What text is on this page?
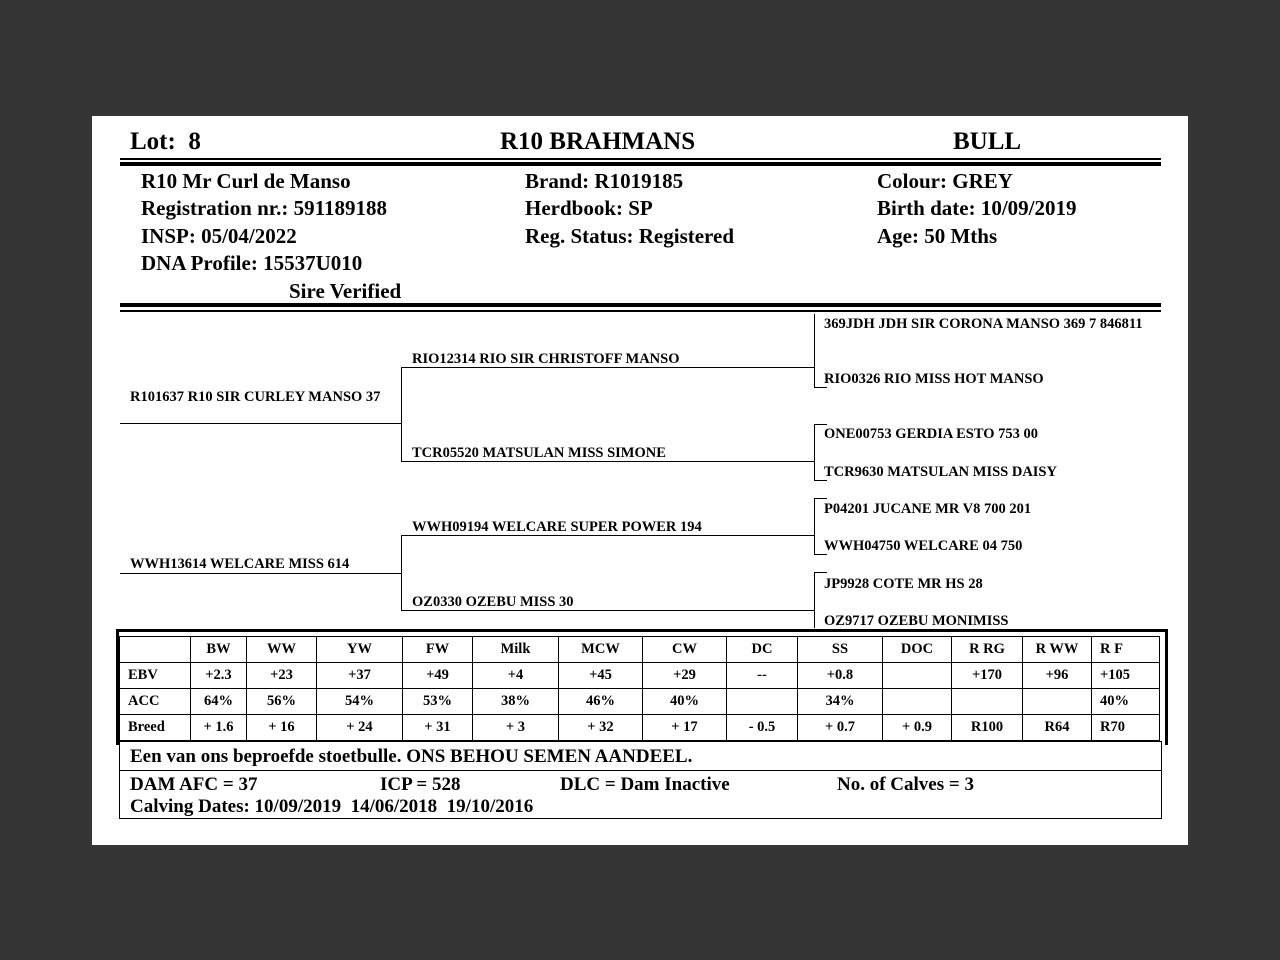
Lot: 8	R10 BRAHMANS	BULL
R10 Mr Curl de Manso
Registration nr.: 591189188
INSP: 05/04/2022
DNA Profile: 15537U010
Sire Verified
Brand: R1019185
Herdbook: SP
Reg. Status: Registered
Colour: GREY
Birth date: 10/09/2019
Age: 50 Mths
R101637 R10 SIR CURLEY MANSO 37
WWH13614 WELCARE MISS 614
RIO12314 RIO SIR CHRISTOFF MANSO
TCR05520 MATSULAN MISS SIMONE
WWH09194 WELCARE SUPER POWER 194
OZ0330 OZEBU MISS 30
369JDH JDH SIR CORONA MANSO 369 7 846811
RIO0326 RIO MISS HOT MANSO
ONE00753 GERDIA ESTO 753 00
TCR9630 MATSULAN MISS DAISY
P04201 JUCANE MR V8 700 201
WWH04750 WELCARE 04 750
JP9928 COTE MR HS 28
OZ9717 OZEBU MONIMISS
	BW	WW	YW	FW	Milk	MCW	CW	DC	SS	DOC	R RG	R WW	R F
EBV	+2.3	+23	+37	+49	+4	+45	+29	--	+0.8		+170	+96	+105
ACC	64%	56%	54%	53%	38%	46%	40%		34%				40%
Breed	+ 1.6	+ 16	+ 24	+ 31	+ 3	+ 32	+ 17	- 0.5	+ 0.7	+ 0.9	R100	R64	R70
Een van ons beproefde stoetbulle. ONS BEHOU SEMEN AANDEEL.
DAM AFC = 37	ICP = 528	DLC = Dam Inactive	No. of Calves = 3
Calving Dates: 10/09/2019  14/06/2018  19/10/2016
